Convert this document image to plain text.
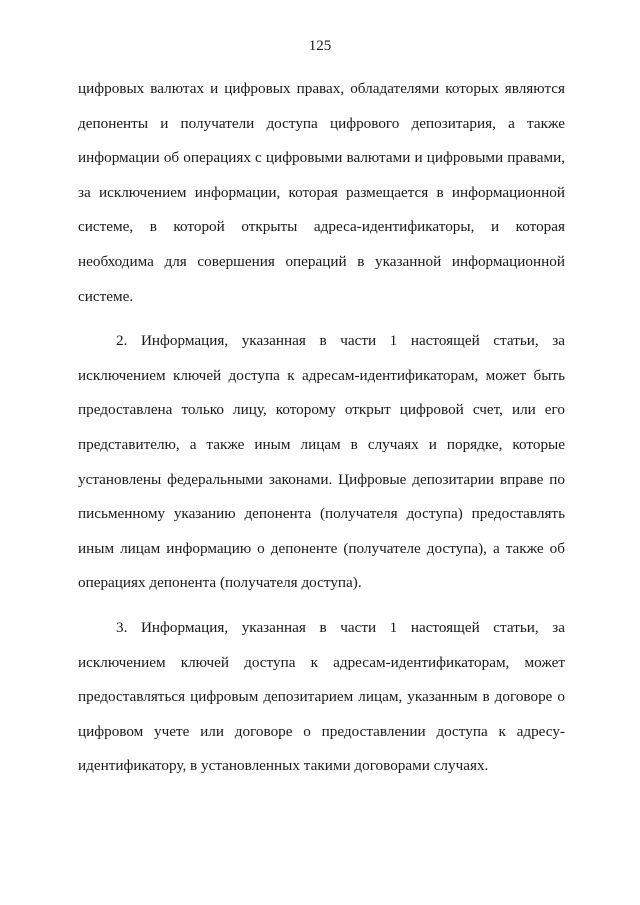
125

цифровых валютах и цифровых правах, обладателями которых являются депоненты и получатели доступа цифрового депозитария, а также информации об операциях с цифровыми валютами и цифровыми правами, за исключением информации, которая размещается в информационной системе, в которой открыты адреса-идентификаторы, и которая необходима для совершения операций в указанной информационной системе.

2. Информация, указанная в части 1 настоящей статьи, за исключением ключей доступа к адресам-идентификаторам, может быть предоставлена только лицу, которому открыт цифровой счет, или его представителю, а также иным лицам в случаях и порядке, которые установлены федеральными законами. Цифровые депозитарии вправе по письменному указанию депонента (получателя доступа) предоставлять иным лицам информацию о депоненте (получателе доступа), а также об операциях депонента (получателя доступа).

3. Информация, указанная в части 1 настоящей статьи, за исключением ключей доступа к адресам-идентификаторам, может предоставляться цифровым депозитарием лицам, указанным в договоре о цифровом учете или договоре о предоставлении доступа к адресу-идентификатору, в установленных такими договорами случаях.
